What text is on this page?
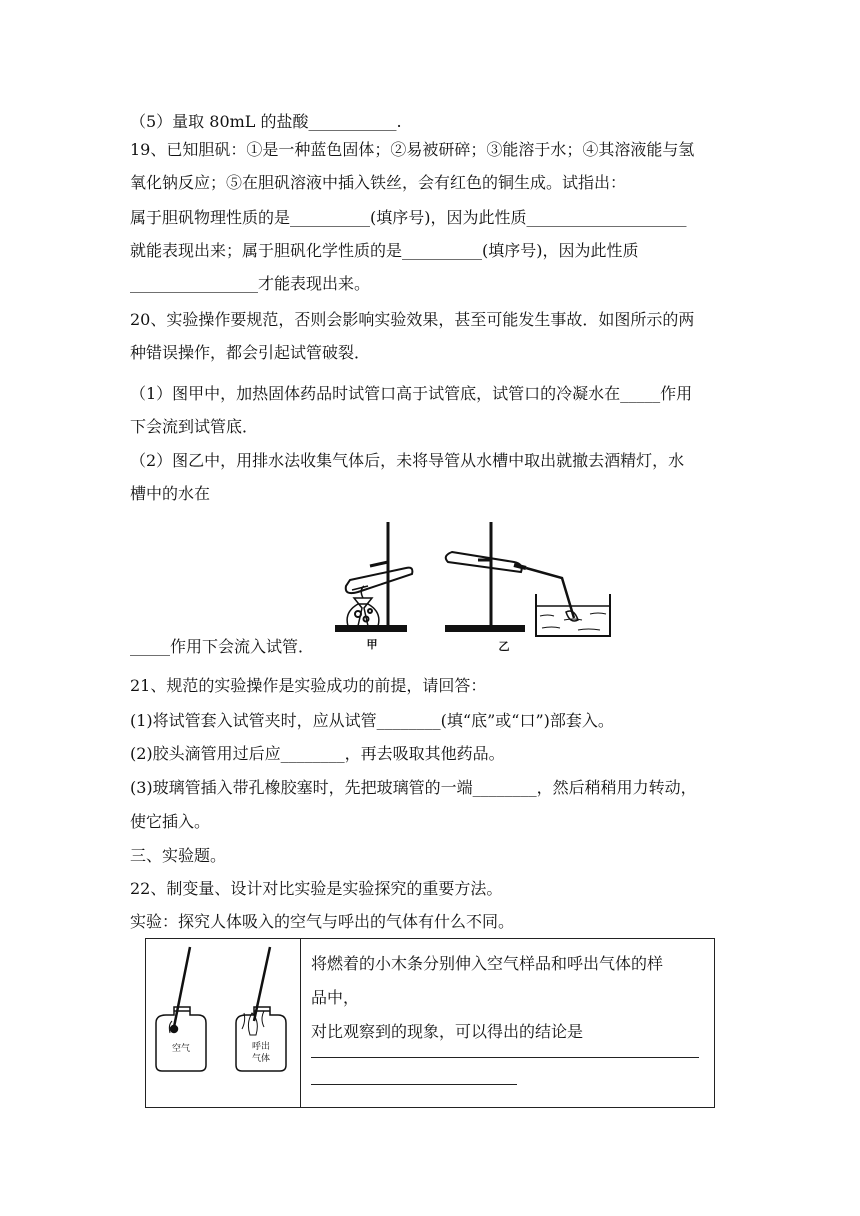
（5）量取 80mL 的盐酸___________.
19、已知胆矾：①是一种蓝色固体；②易被研碎；③能溶于水；④其溶液能与氢
氧化钠反应；⑤在胆矾溶液中插入铁丝，会有红色的铜生成。试指出：
属于胆矾物理性质的是__________(填序号)，因为此性质____________________
就能表现出来；属于胆矾化学性质的是__________(填序号)，因为此性质
________________才能表现出来。
20、实验操作要规范，否则会影响实验效果，甚至可能发生事故．如图所示的两
种错误操作，都会引起试管破裂．
（1）图甲中，加热固体药品时试管口高于试管底，试管口的冷凝水在_____作用
下会流到试管底．
（2）图乙中，用排水法收集气体后，未将导管从水槽中取出就撤去酒精灯，水
槽中的水在
甲	乙
_____作用下会流入试管．
21、规范的实验操作是实验成功的前提，请回答：
(1)将试管套入试管夹时，应从试管________(填“底”或“口”)部套入。
(2)胶头滴管用过后应________，再去吸取其他药品。
(3)玻璃管插入带孔橡胶塞时，先把玻璃管的一端________，然后稍稍用力转动，
使它插入。
三、实验题。
22、制变量、设计对比实验是实验探究的重要方法。
实验：探究人体吸入的空气与呼出的气体有什么不同。
空气	呼出
气体

将燃着的小木条分别伸入空气样品和呼出气体的样
品中，
对比观察到的现象，可以得出的结论是
